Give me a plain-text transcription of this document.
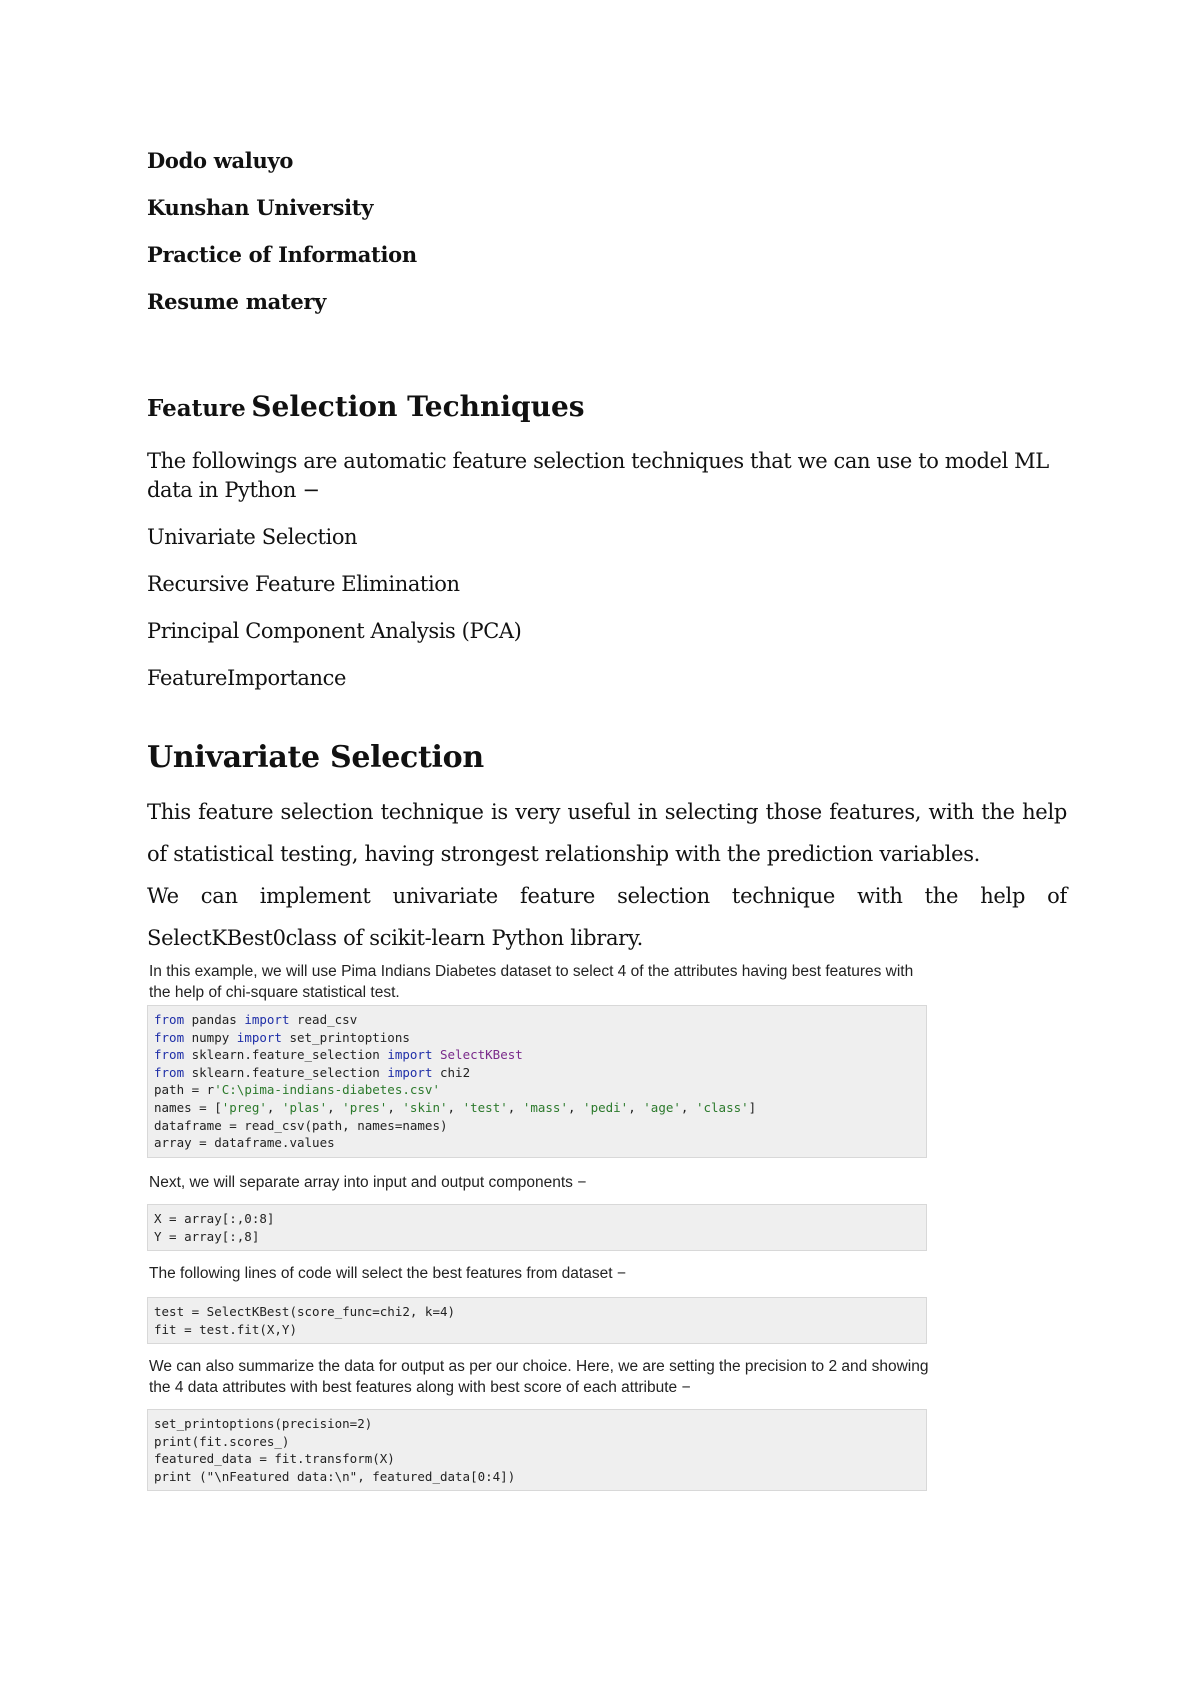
Dodo waluyo
Kunshan University
Practice of Information
Resume matery
Feature Selection Techniques
The followings are automatic feature selection techniques that we can use to model ML data in Python −
Univariate Selection
Recursive Feature Elimination
Principal Component Analysis (PCA)
FeatureImportance
Univariate Selection
This feature selection technique is very useful in selecting those features, with the help of statistical testing, having strongest relationship with the prediction variables.
We can implement univariate feature selection technique with the help of SelectKBest0class of scikit-learn Python library.
In this example, we will use Pima Indians Diabetes dataset to select 4 of the attributes having best features with the help of chi-square statistical test.
from pandas import read_csv
from numpy import set_printoptions
from sklearn.feature_selection import SelectKBest
from sklearn.feature_selection import chi2
path = r'C:\pima-indians-diabetes.csv'
names = ['preg', 'plas', 'pres', 'skin', 'test', 'mass', 'pedi', 'age', 'class']
dataframe = read_csv(path, names=names)
array = dataframe.values
Next, we will separate array into input and output components −
X = array[:,0:8]
Y = array[:,8]
The following lines of code will select the best features from dataset −
test = SelectKBest(score_func=chi2, k=4)
fit = test.fit(X,Y)
We can also summarize the data for output as per our choice. Here, we are setting the precision to 2 and showing the 4 data attributes with best features along with best score of each attribute −
set_printoptions(precision=2)
print(fit.scores_)
featured_data = fit.transform(X)
print ("\nFeatured data:\n", featured_data[0:4])
